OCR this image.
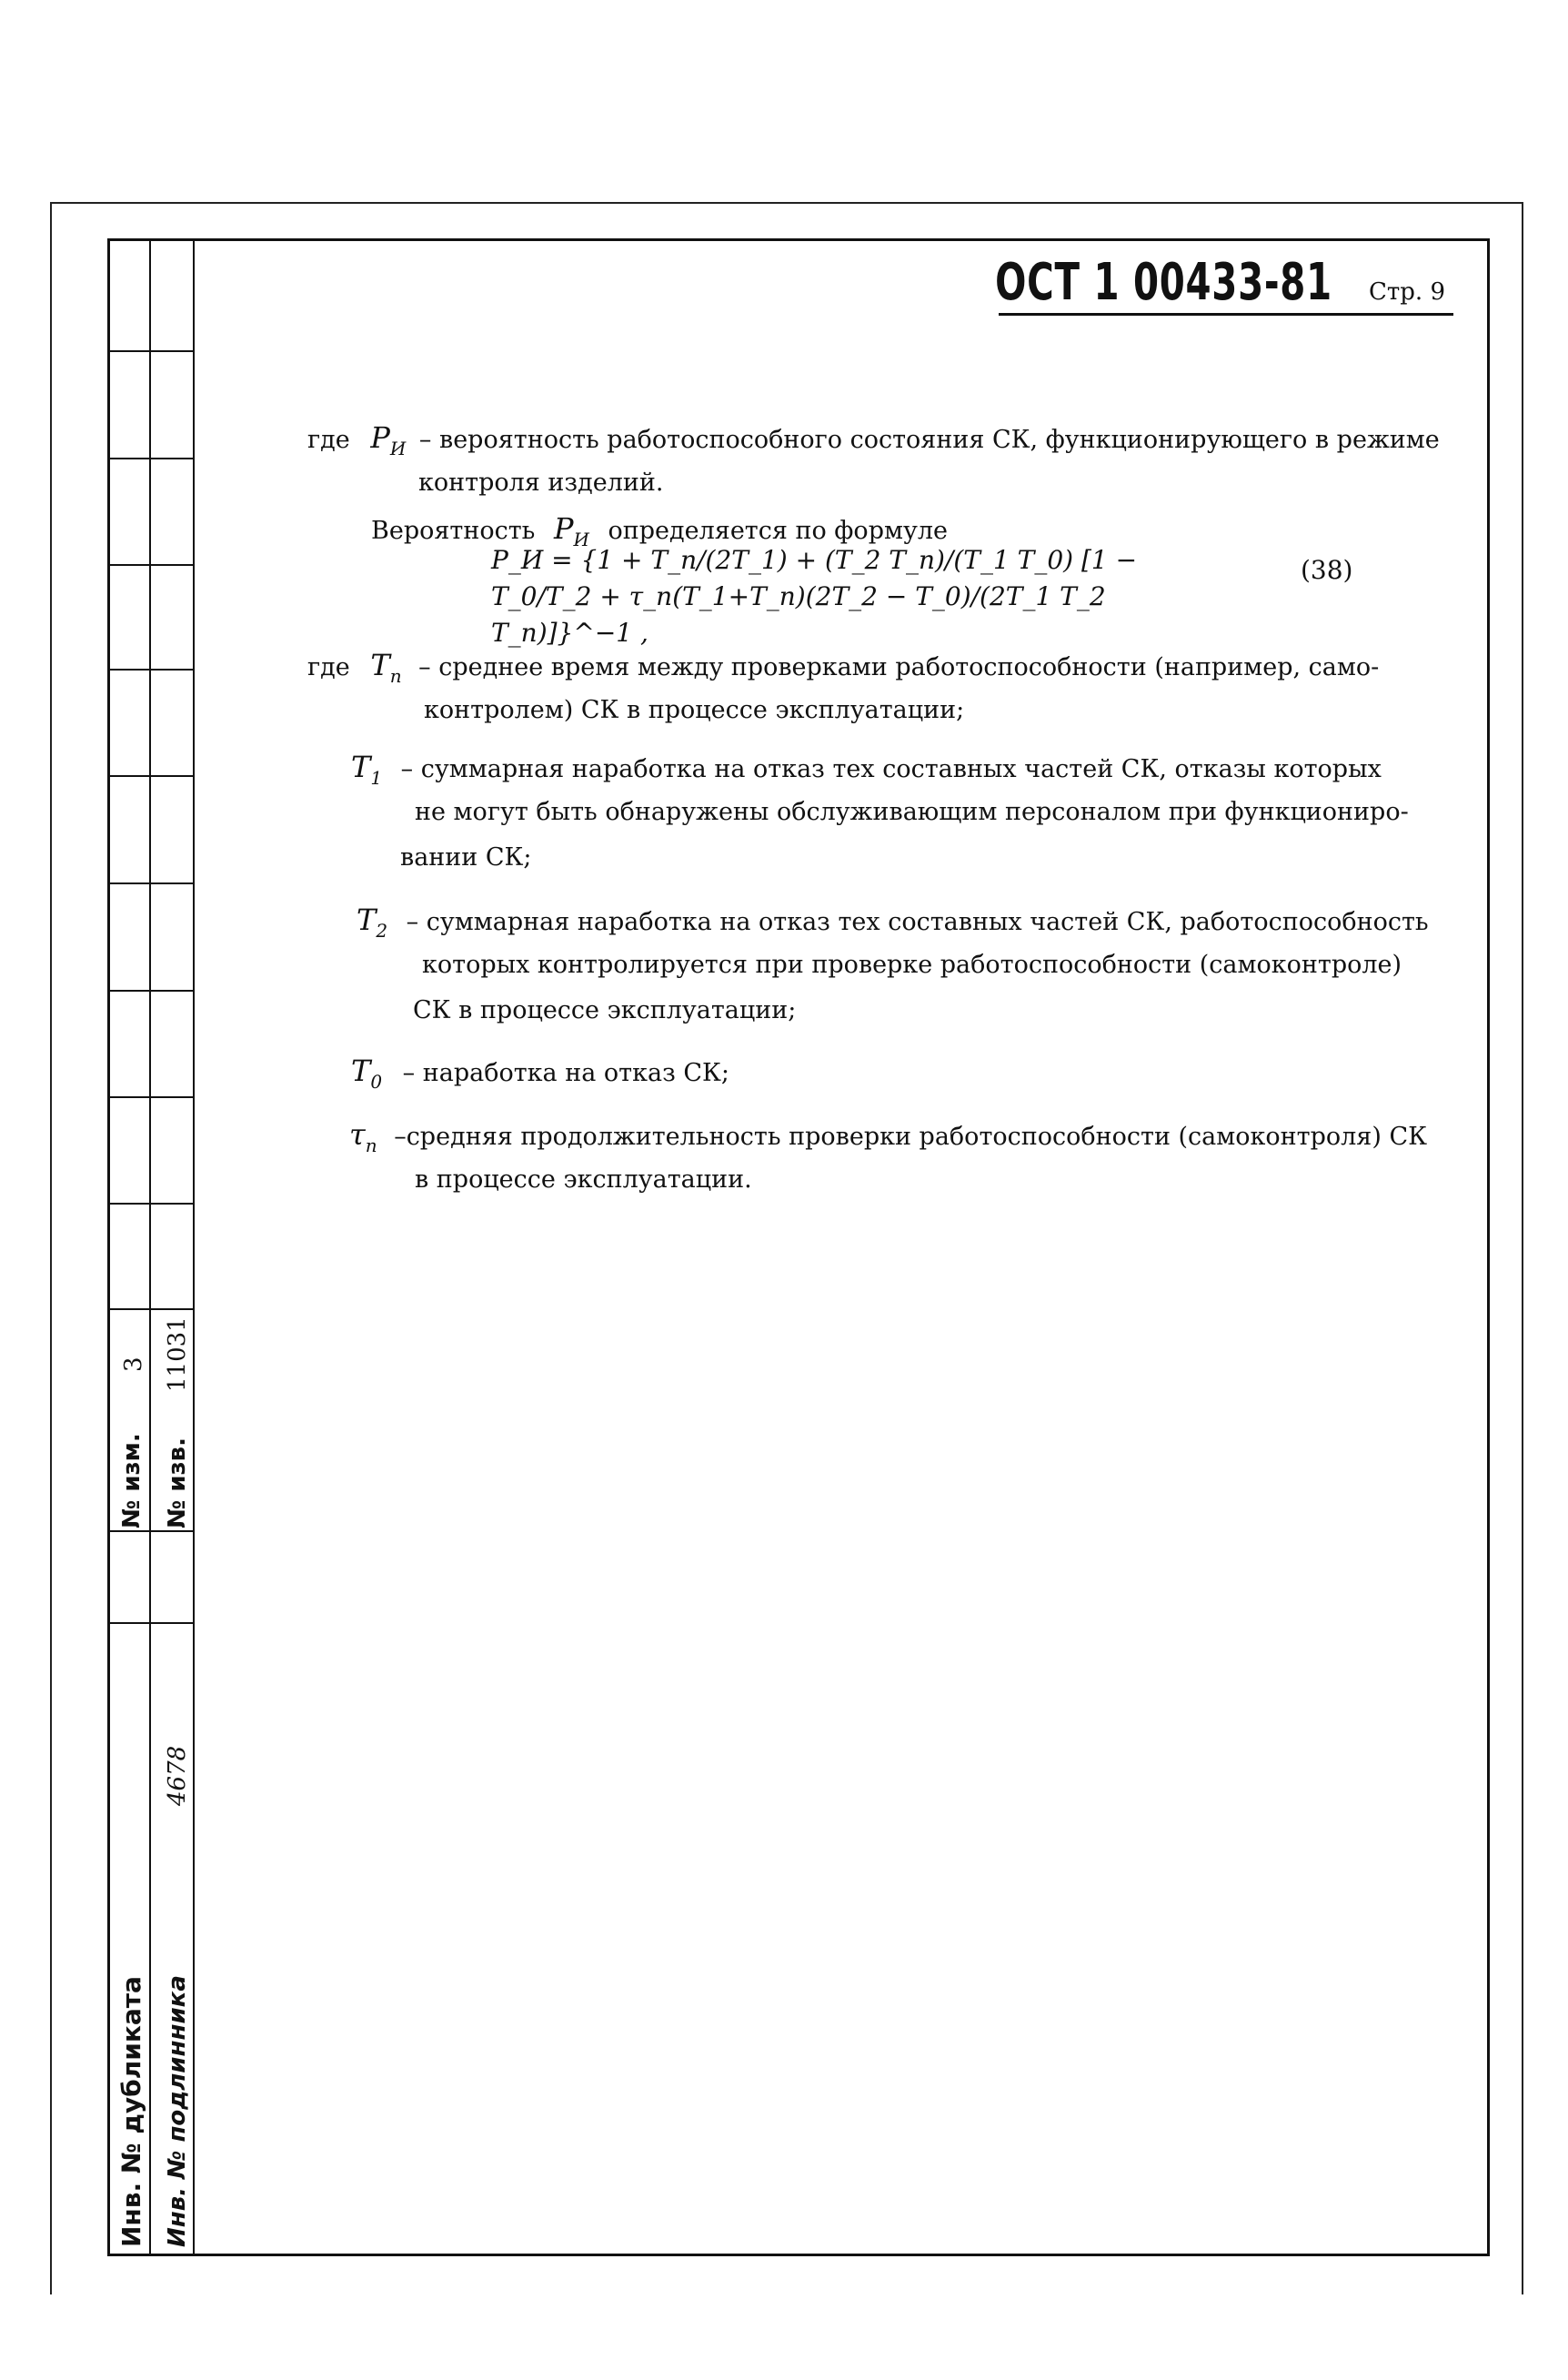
№ изм.
3
№ изв.
11031
Инв. № дубликата Инв. № подлинника
4678
ОСТ 1 00433-81 Стр. 9
где $P_И$ – вероятность работоспособного состояния СК, функционирующего в режиме
контроля изделий.
Вероятность $P_И$ определяется по формуле
P_И = {1 + T_п/(2T_1) + (T_2 T_п)/(T_1 T_0) [1 − T_0/T_2 + τ_п(T_1+T_п)(2T_2 − T_0)/(2T_1 T_2 T_п)]}^−1 ,
(38)
где $T_п$ – среднее время между проверками работоспособности (например, само-
контролем) СК в процессе эксплуатации;
$T_1$ – суммарная наработка на отказ тех составных частей СК, отказы которых
не могут быть обнаружены обслуживающим персоналом при функциониро-
вании СК;
$T_2$ – суммарная наработка на отказ тех составных частей СК, работоспособность
которых контролируется при проверке работоспособности (самоконтроле)
СК в процессе эксплуатации;
$T_0$ – наработка на отказ СК;
$\tau_п$ –средняя продолжительность проверки работоспособности (самоконтроля) СК
в процессе эксплуатации.
